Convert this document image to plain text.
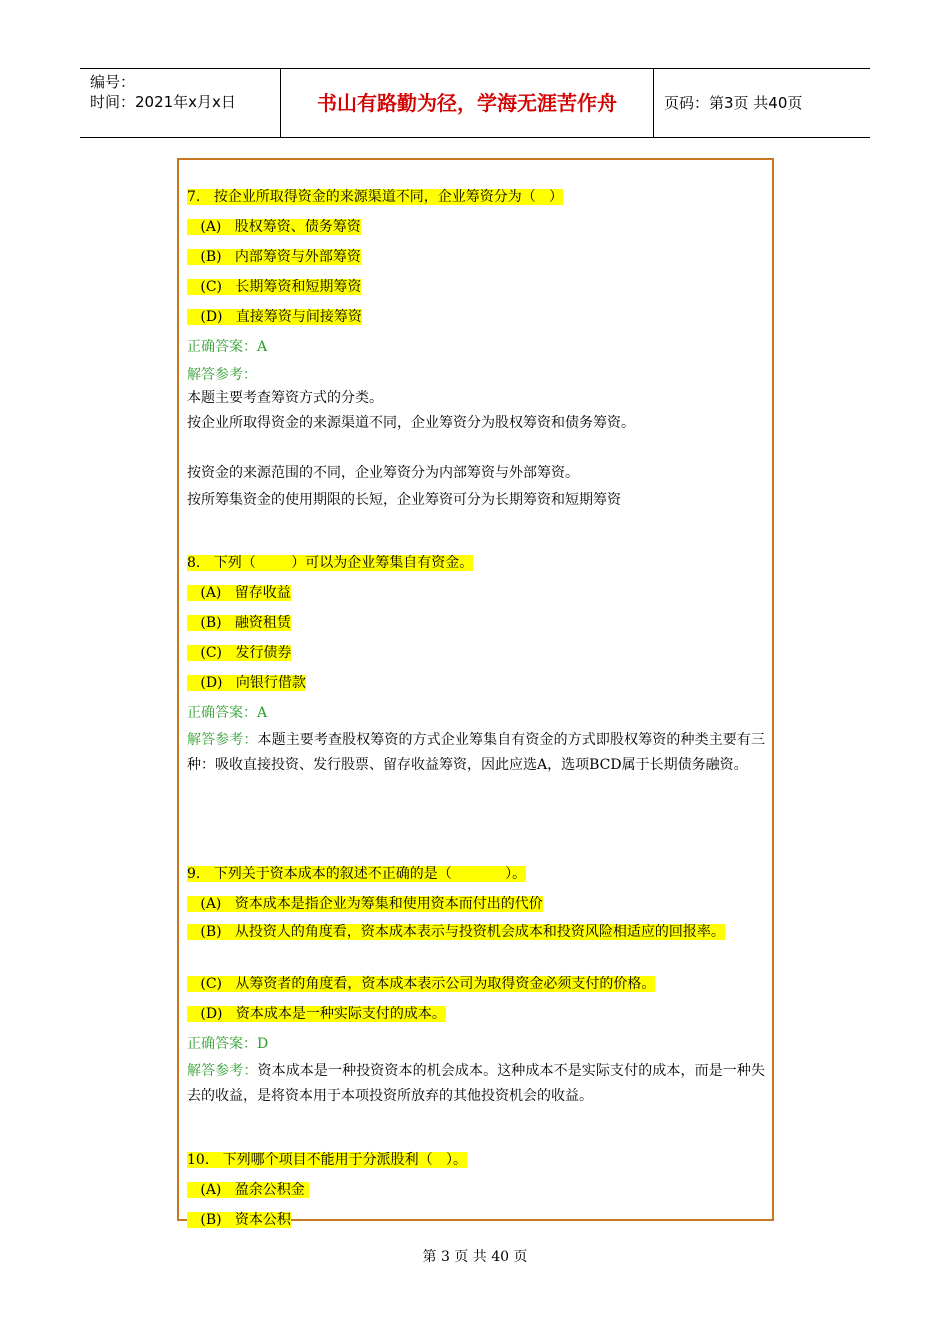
编号：
时间：2021年x月x日	书山有路勤为径，学海无涯苦作舟	页码：第3页 共40页
7.   按企业所取得资金的来源渠道不同，企业筹资分为（   ）
(A)   股权筹资、债务筹资
(B)   内部筹资与外部筹资
(C)   长期筹资和短期筹资
(D)   直接筹资与间接筹资
正确答案：A
解答参考：
本题主要考查筹资方式的分类。
按企业所取得资金的来源渠道不同，企业筹资分为股权筹资和债务筹资。
按资金的来源范围的不同，企业筹资分为内部筹资与外部筹资。
按所筹集资金的使用期限的长短，企业筹资可分为长期筹资和短期筹资
8.   下列（        ）可以为企业筹集自有资金。
(A)   留存收益
(B)   融资租赁
(C)   发行债券
(D)   向银行借款
正确答案：A
解答参考：本题主要考查股权筹资的方式企业筹集自有资金的方式即股权筹资的种类主要有三种：吸收直接投资、发行股票、留存收益筹资，因此应选A，选项BCD属于长期债务融资。
9.   下列关于资本成本的叙述不正确的是（            ）。
(A)   资本成本是指企业为筹集和使用资本而付出的代价
(B)   从投资人的角度看，资本成本表示与投资机会成本和投资风险相适应的回报率。
(C)   从筹资者的角度看，资本成本表示公司为取得资金必须支付的价格。
(D)   资本成本是一种实际支付的成本。
正确答案：D
解答参考：资本成本是一种投资资本的机会成本。这种成本不是实际支付的成本，而是一种失去的收益，是将资本用于本项投资所放弃的其他投资机会的收益。
10.   下列哪个项目不能用于分派股利（   ）。
(A)   盈余公积金
(B)   资本公积
第 3 页 共 40 页
